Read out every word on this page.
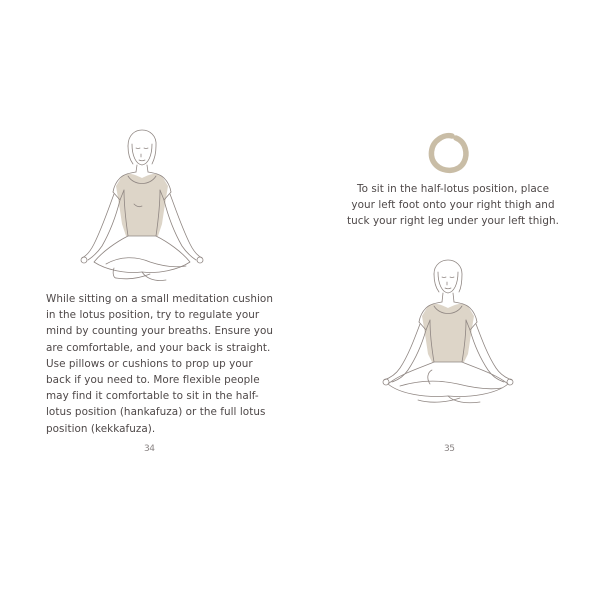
While sitting on a small meditation cushion in the lotus position, try to regulate your mind by counting your breaths. Ensure you are comfortable, and your back is straight. Use pillows or cushions to prop up your back if you need to. More flexible people may find it comfortable to sit in the half-lotus position (hankafuza) or the full lotus position (kekkafuza).

To sit in the half-lotus position, place your left foot onto your right thigh and tuck your right leg under your left thigh.

34	35
